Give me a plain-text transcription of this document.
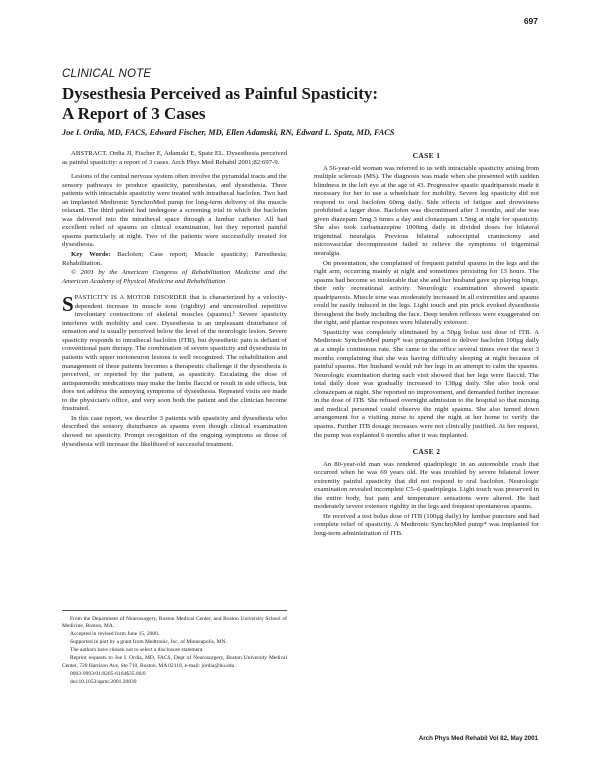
697
CLINICAL NOTE
Dysesthesia Perceived as Painful Spasticity:
A Report of 3 Cases
Joe I. Ordia, MD, FACS, Edward Fischer, MD, Ellen Adamski, RN, Edward L. Spatz, MD, FACS

ABSTRACT. Ordia JI, Fischer E, Adamski E, Spatz EL. Dysesthesia perceived as painful spasticity: a report of 3 cases. Arch Phys Med Rehabil 2001;82:697-9.

Lesions of the central nervous system often involve the pyramidal tracts and the sensory pathways to produce spasticity, paresthesias, and dysesthesia. Three patients with intractable spasticity were treated with intrathecal baclofen. Two had an implanted Medtronic SynchroMed pump for long-term delivery of the muscle relaxant. The third patient had undergone a screening trial in which the baclofen was delivered into the intrathecal space through a lumbar catheter. All had excellent relief of spasms on clinical examination, but they reported painful spasms particularly at night. Two of the patients were successfully treated for dysesthesia.

Key Words: Baclofen; Case report; Muscle spasticity; Paresthesia; Rehabilitation.

© 2001 by the American Congress of Rehabilitation Medicine and the American Academy of Physical Medicine and Rehabilitation

SPASTICITY IS A MOTOR DISORDER that is characterized by a velocity-dependent increase in muscle tone (rigidity) and uncontrolled repetitive involuntary contractions of skeletal muscles (spasms).¹ Severe spasticity interferes with mobility and care. Dysesthesia is an unpleasant disturbance of sensation and is usually perceived below the level of the neurologic lesion. Severe spasticity responds to intrathecal baclofen (ITB), but dysesthetic pain is defiant of conventional pain therapy. The combination of severe spasticity and dysesthesia in patients with upper motoneuron lesions is well recognized. The rehabilitation and management of these patients becomes a therapeutic challenge if the dysesthesia is perceived, or reported by the patient, as spasticity. Escalating the dose of antispasmodic medications may make the limbs flaccid or result in side effects, but does not address the annoying symptoms of dysesthesia. Repeated visits are made to the physician's office, and very soon both the patient and the clinician become frustrated.

In this case report, we describe 3 patients with spasticity and dysesthesia who described the sensory disturbance as spasms even though clinical examination showed no spasticity. Prompt recognition of the ongoing symptoms as those of dysesthesia will increase the likelihood of successful treatment.

From the Department of Neurosurgery, Boston Medical Center, and Boston University School of Medicine, Boston, MA.

Accepted in revised form June 15, 2000.

Supported in part by a grant from Medtronic, Inc, of Minneapolis, MN.

The authors have chosen not to select a disclosure statement.

Reprint requests to Joe I. Ordia, MD, FACS, Dept of Neurosurgery, Boston University Medical Center, 720 Harrison Ave, Ste 710, Boston, MA 02118, e-mail: jordia@bu.edu.

0003-9993/01/8205-6164$35.00/0

doi:10.1053/apmr.2001.20839

CASE 1

A 56-year-old woman was referred to us with intractable spasticity arising from multiple sclerosis (MS). The diagnosis was made when she presented with sudden blindness in the left eye at the age of 43. Progressive spastic quadriparesis made it necessary for her to use a wheelchair for mobility. Severe leg spasticity did not respond to oral baclofen 60mg daily. Side effects of fatigue and drowsiness prohibited a larger dose. Baclofen was discontinued after 3 months, and she was given diazepam 5mg 3 times a day and clonazepam 1.5mg at night for spasticity. She also took carbamazepine 1000mg daily in divided doses for bilateral trigeminal neuralgia. Previous bilateral suboccipital craniectomy and microvascular decompression failed to relieve the symptoms of trigeminal neuralgia.

On presentation, she complained of frequent painful spasms in the legs and the right arm, occurring mainly at night and sometimes persisting for 13 hours. The spasms had become so intolerable that she and her husband gave up playing bingo, their only recreational activity. Neurologic examination showed spastic quadriparesis. Muscle tone was moderately increased in all extremities and spasms could be easily induced in the legs. Light touch and pin prick evoked dysesthesia throughout the body including the face. Deep tendon reflexes were exaggerated on the right, and plantar responses were bilaterally extensor.

Spasticity was completely eliminated by a 50μg bolus test dose of ITB. A Medtronic SynchroMed pump* was programmed to deliver baclofen 100μg daily at a simple continuous rate. She came to the office several times over the next 3 months complaining that she was having difficulty sleeping at night because of painful spasms. Her husband would rub her legs in an attempt to calm the spasms. Neurologic examination during each visit showed that her legs were flaccid. The total daily dose was gradually increased to 138μg daily. She also took oral clonazepam at night. She reported no improvement, and demanded further increase in the dose of ITB. She refused overnight admission to the hospital so that nursing and medical personnel could observe the night spasms. She also turned down arrangement for a visiting nurse to spend the night at her home to verify the spasms. Further ITB dosage increases were not clinically justified. At her request, the pump was explanted 6 months after it was implanted.

CASE 2

An 80-year-old man was rendered quadriplegic in an automobile crash that occurred when he was 69 years old. He was troubled by severe bilateral lower extremity painful spasticity that did not respond to oral baclofen. Neurologic examination revealed incomplete C5–6 quadriplegia. Light touch was preserved in the entire body, but pain and temperature sensations were altered. He had moderately severe extensor rigidity in the legs and frequent spontaneous spasms.

He received a test bolus dose of ITB (100μg daily) by lumbar puncture and had complete relief of spasticity. A Medtronic SynchroMed pump* was implanted for long-term administration of ITB.

Arch Phys Med Rehabil Vol 82, May 2001
